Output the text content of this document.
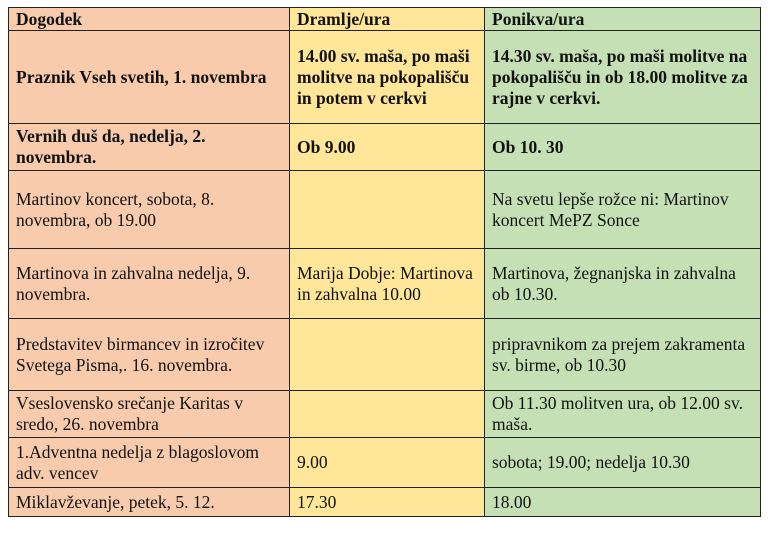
Dogodek	Dramlje/ura	Ponikva/ura
Praznik Vseh svetih, 1. novembra	14.00 sv. maša, po maši molitve na pokopališču in potem v cerkvi	14.30 sv. maša, po maši molitve na pokopališču in ob 18.00 molitve za rajne v cerkvi.
Vernih duš da, nedelja, 2. novembra.	Ob 9.00	Ob 10. 30
Martinov koncert, sobota, 8. novembra, ob 19.00		Na svetu lepše rožce ni: Martinov koncert MePZ Sonce
Martinova in zahvalna nedelja, 9. novembra.	Marija Dobje: Martinova in zahvalna 10.00	Martinova, žegnanjska in zahvalna ob 10.30.
Predstavitev birmancev in izročitev Svetega Pisma,. 16. novembra.		pripravnikom za prejem zakramenta sv. birme, ob 10.30
Vseslovensko srečanje Karitas v sredo, 26. novembra		Ob 11.30 molitven ura, ob 12.00 sv. maša.
1.Adventna nedelja z blagoslovom adv. vencev	9.00	sobota; 19.00; nedelja 10.30
Miklavževanje, petek, 5. 12.	17.30	18.00
